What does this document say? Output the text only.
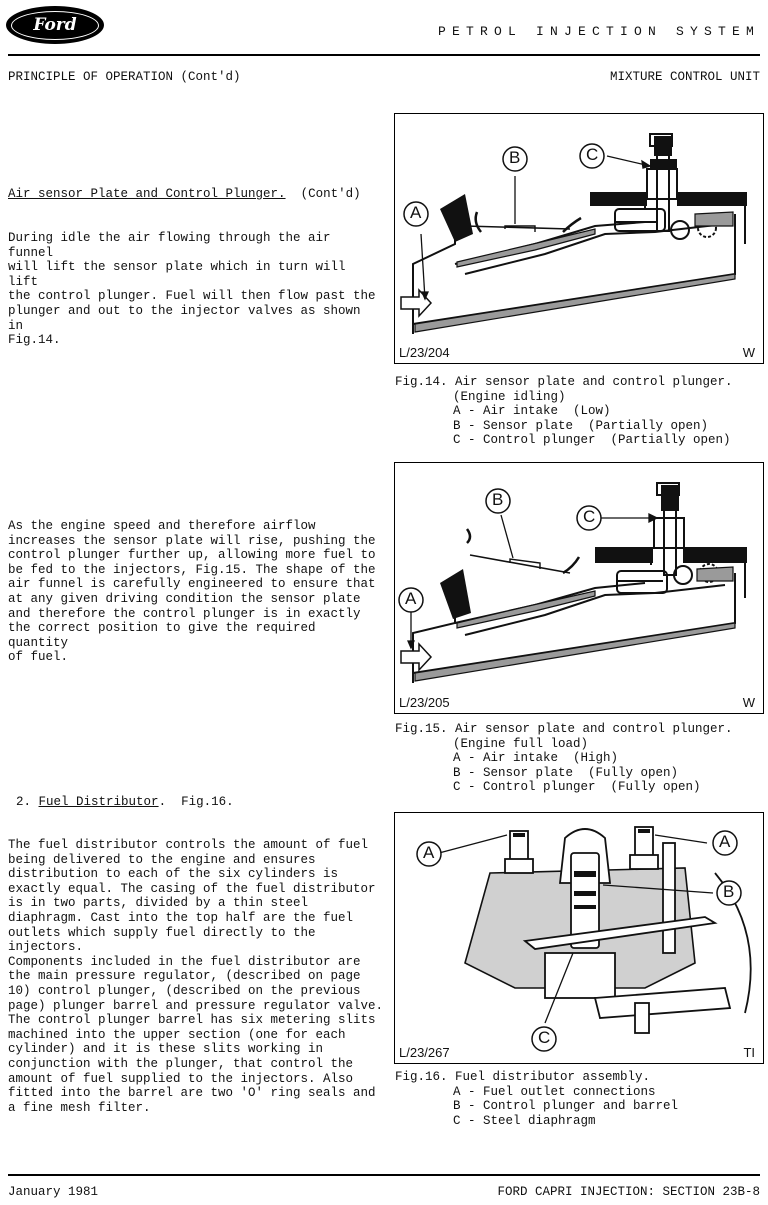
Ford	PETROL INJECTION SYSTEM
PRINCIPLE OF OPERATION (Cont'd)	MIXTURE CONTROL UNIT
Air sensor Plate and Control Plunger. (Cont'd)
During idle the air flowing through the air funnel
will lift the sensor plate which in turn will lift
the control plunger. Fuel will then flow past the
plunger and out to the injector valves as shown in
Fig.14.
As the engine speed and therefore airflow
increases the sensor plate will rise, pushing the
control plunger further up, allowing more fuel to
be fed to the injectors, Fig.15. The shape of the
air funnel is carefully engineered to ensure that
at any given driving condition the sensor plate
and therefore the control plunger is in exactly
the correct position to give the required quantity
of fuel.
A
B	C
L/23/204	W
Fig.14. Air sensor plate and control plunger.
(Engine idling)
A - Air intake  (Low)
B - Sensor plate  (Partially open)
C - Control plunger  (Partially open)
A
B
C
L/23/205	W
Fig.15. Air sensor plate and control plunger.
(Engine full load)
A - Air intake  (High)
B - Sensor plate  (Fully open)
C - Control plunger  (Fully open)
2. Fuel Distributor.  Fig.16.
The fuel distributor controls the amount of fuel
being delivered to the engine and ensures
distribution to each of the six cylinders is
exactly equal. The casing of the fuel distributor
is in two parts, divided by a thin steel
diaphragm. Cast into the top half are the fuel
outlets which supply fuel directly to the
injectors.
Components included in the fuel distributor are
the main pressure regulator, (described on page
10) control plunger, (described on the previous
page) plunger barrel and pressure regulator valve.
The control plunger barrel has six metering slits
machined into the upper section (one for each
cylinder) and it is these slits working in
conjunction with the plunger, that control the
amount of fuel supplied to the injectors. Also
fitted into the barrel are two 'O' ring seals and
a fine mesh filter.
A
A
B
C
L/23/267	TI
Fig.16. Fuel distributor assembly.
A - Fuel outlet connections
B - Control plunger and barrel
C - Steel diaphragm
January 1981	FORD CAPRI INJECTION: SECTION 23B-8
